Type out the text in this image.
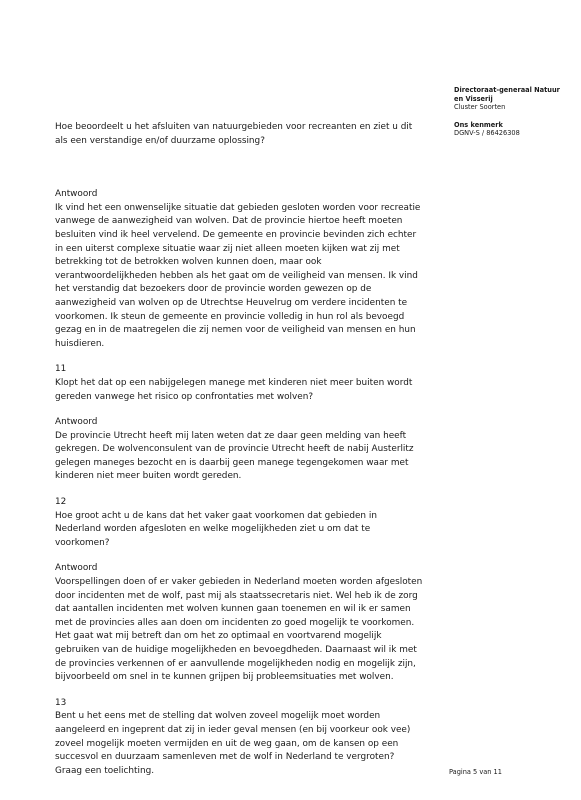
Directoraat-generaal Natuur
en Visserij
Cluster Soorten
Ons kenmerk
DGNV-S / 86426308

Hoe beoordeelt u het afsluiten van natuurgebieden voor recreanten en ziet u dit
als een verstandige en/of duurzame oplossing?

Antwoord
Ik vind het een onwenselijke situatie dat gebieden gesloten worden voor recreatie
vanwege de aanwezigheid van wolven. Dat de provincie hiertoe heeft moeten
besluiten vind ik heel vervelend. De gemeente en provincie bevinden zich echter
in een uiterst complexe situatie waar zij niet alleen moeten kijken wat zij met
betrekking tot de betrokken wolven kunnen doen, maar ook
verantwoordelijkheden hebben als het gaat om de veiligheid van mensen. Ik vind
het verstandig dat bezoekers door de provincie worden gewezen op de
aanwezigheid van wolven op de Utrechtse Heuvelrug om verdere incidenten te
voorkomen. Ik steun de gemeente en provincie volledig in hun rol als bevoegd
gezag en in de maatregelen die zij nemen voor de veiligheid van mensen en hun
huisdieren.

11
Klopt het dat op een nabijgelegen manege met kinderen niet meer buiten wordt
gereden vanwege het risico op confrontaties met wolven?

Antwoord
De provincie Utrecht heeft mij laten weten dat ze daar geen melding van heeft
gekregen. De wolvenconsulent van de provincie Utrecht heeft de nabij Austerlitz
gelegen maneges bezocht en is daarbij geen manege tegengekomen waar met
kinderen niet meer buiten wordt gereden.

12
Hoe groot acht u de kans dat het vaker gaat voorkomen dat gebieden in
Nederland worden afgesloten en welke mogelijkheden ziet u om dat te
voorkomen?

Antwoord
Voorspellingen doen of er vaker gebieden in Nederland moeten worden afgesloten
door incidenten met de wolf, past mij als staatssecretaris niet. Wel heb ik de zorg
dat aantallen incidenten met wolven kunnen gaan toenemen en wil ik er samen
met de provincies alles aan doen om incidenten zo goed mogelijk te voorkomen.
Het gaat wat mij betreft dan om het zo optimaal en voortvarend mogelijk
gebruiken van de huidige mogelijkheden en bevoegdheden. Daarnaast wil ik met
de provincies verkennen of er aanvullende mogelijkheden nodig en mogelijk zijn,
bijvoorbeeld om snel in te kunnen grijpen bij probleemsituaties met wolven.

13
Bent u het eens met de stelling dat wolven zoveel mogelijk moet worden
aangeleerd en ingeprent dat zij in ieder geval mensen (en bij voorkeur ook vee)
zoveel mogelijk moeten vermijden en uit de weg gaan, om de kansen op een
succesvol en duurzaam samenleven met de wolf in Nederland te vergroten?
Graag een toelichting.	Pagina 5 van 11
